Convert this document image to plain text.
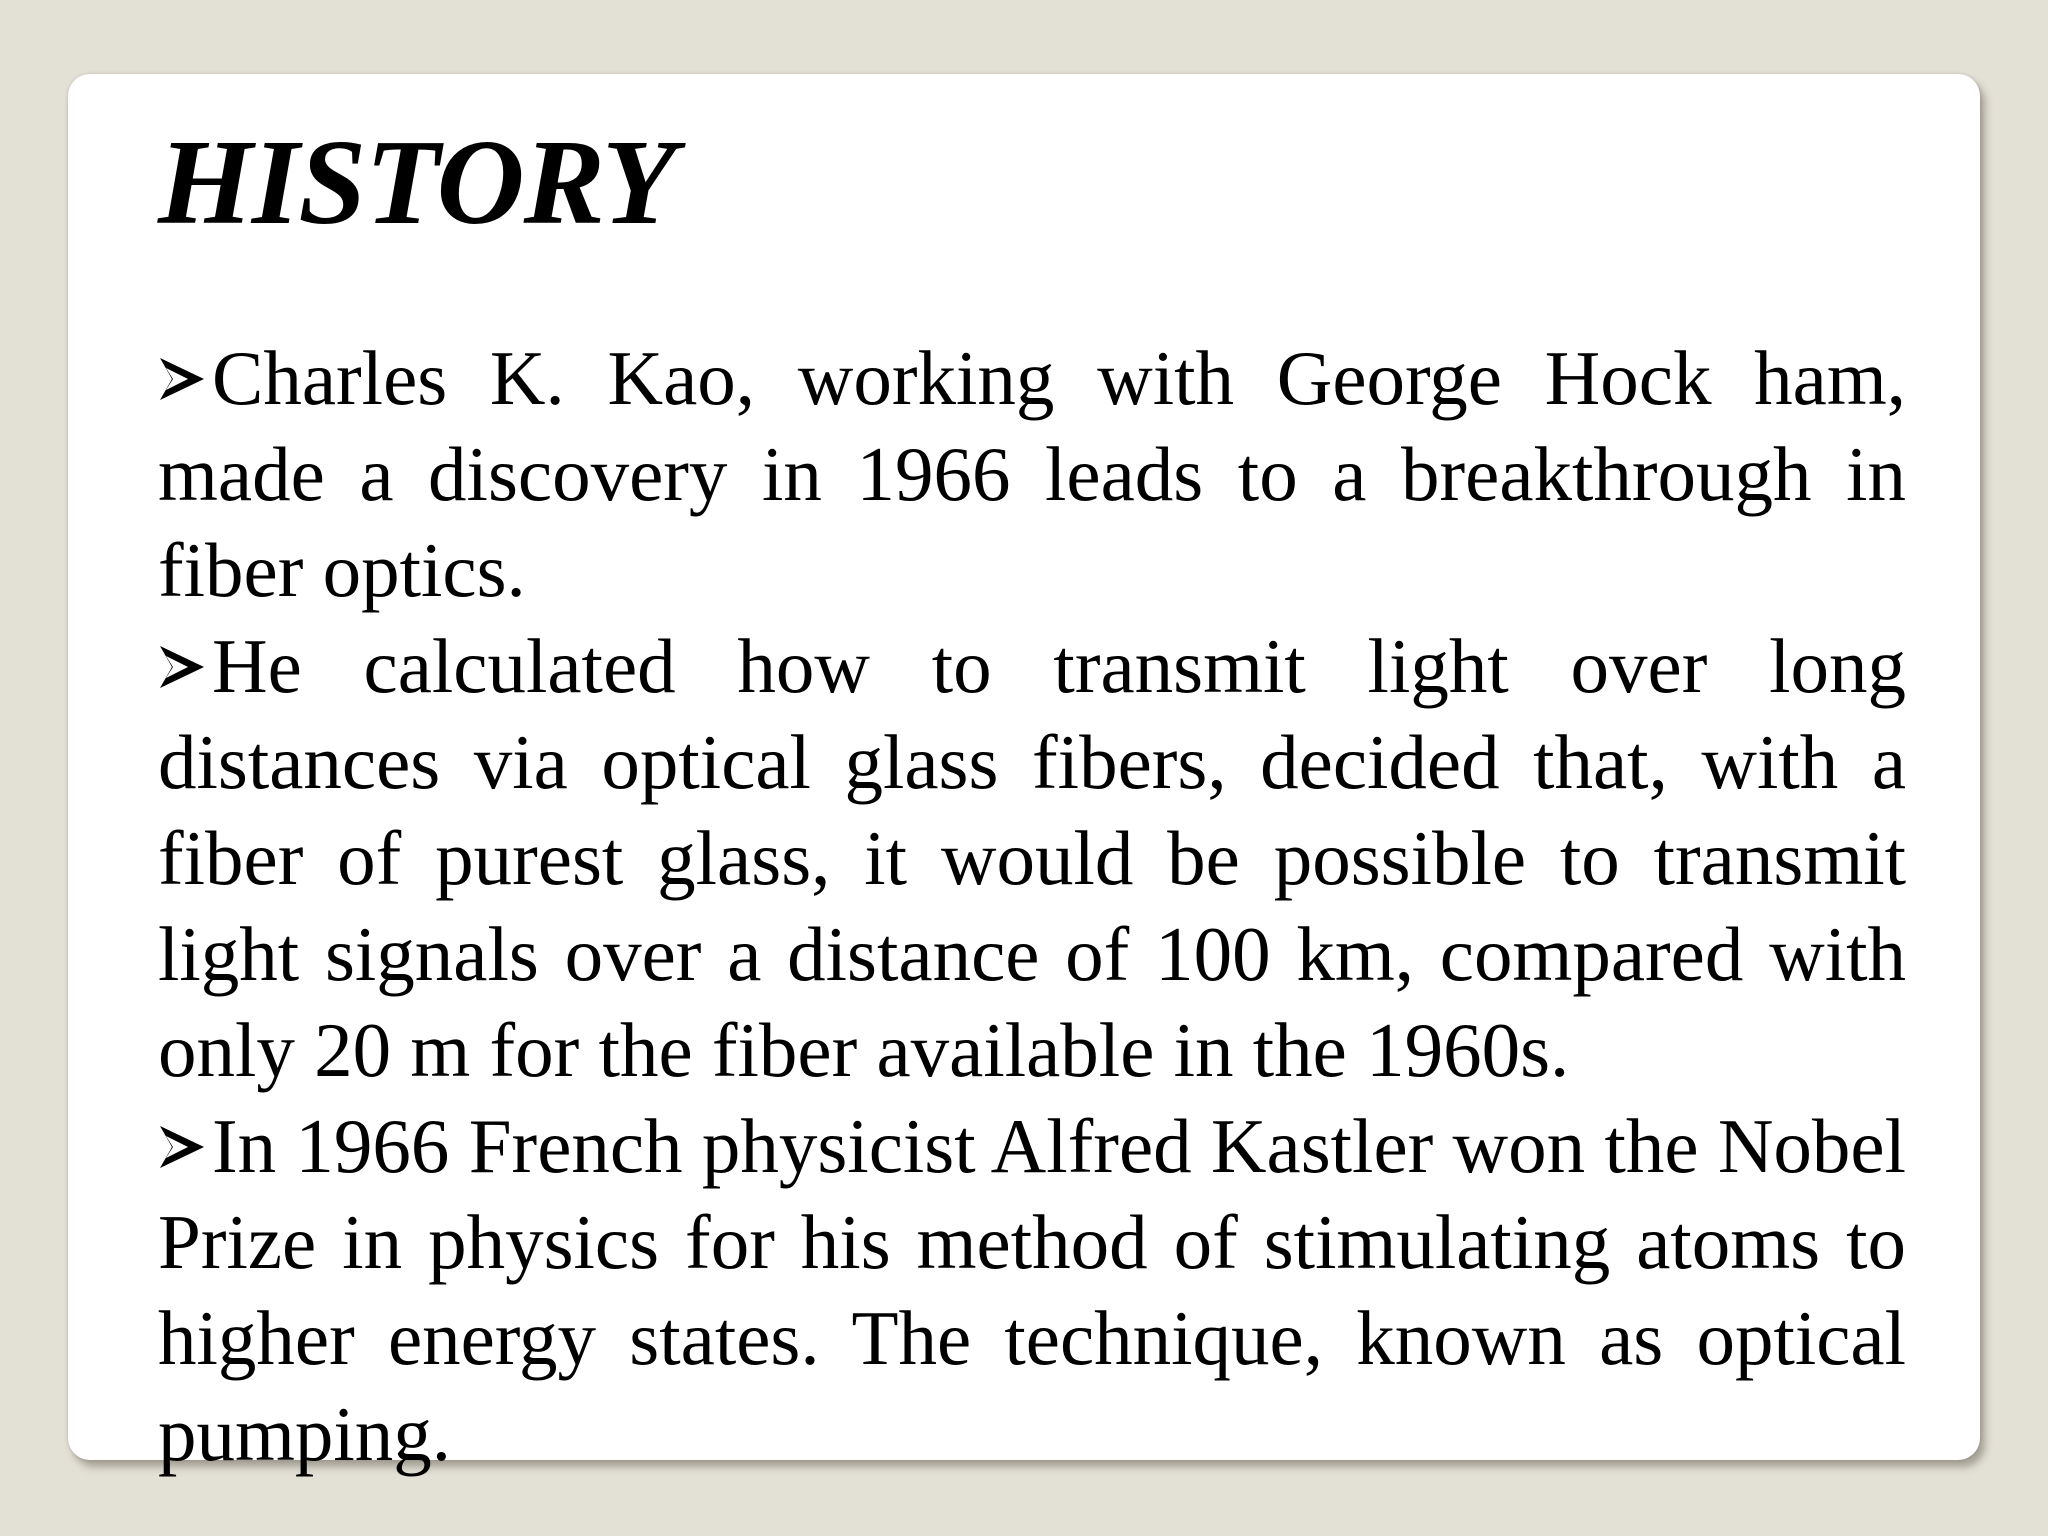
HISTORY
Charles K. Kao, working with George Hock ham, made a discovery in 1966 leads to a breakthrough in fiber optics.
He calculated how to transmit light over long distances via optical glass fibers, decided that, with a fiber of purest glass, it would be possible to transmit light signals over a distance of 100 km, compared with only 20 m for the fiber available in the 1960s.
In 1966 French physicist Alfred Kastler won the Nobel Prize in physics for his method of stimulating atoms to higher energy states. The technique, known as optical pumping.
